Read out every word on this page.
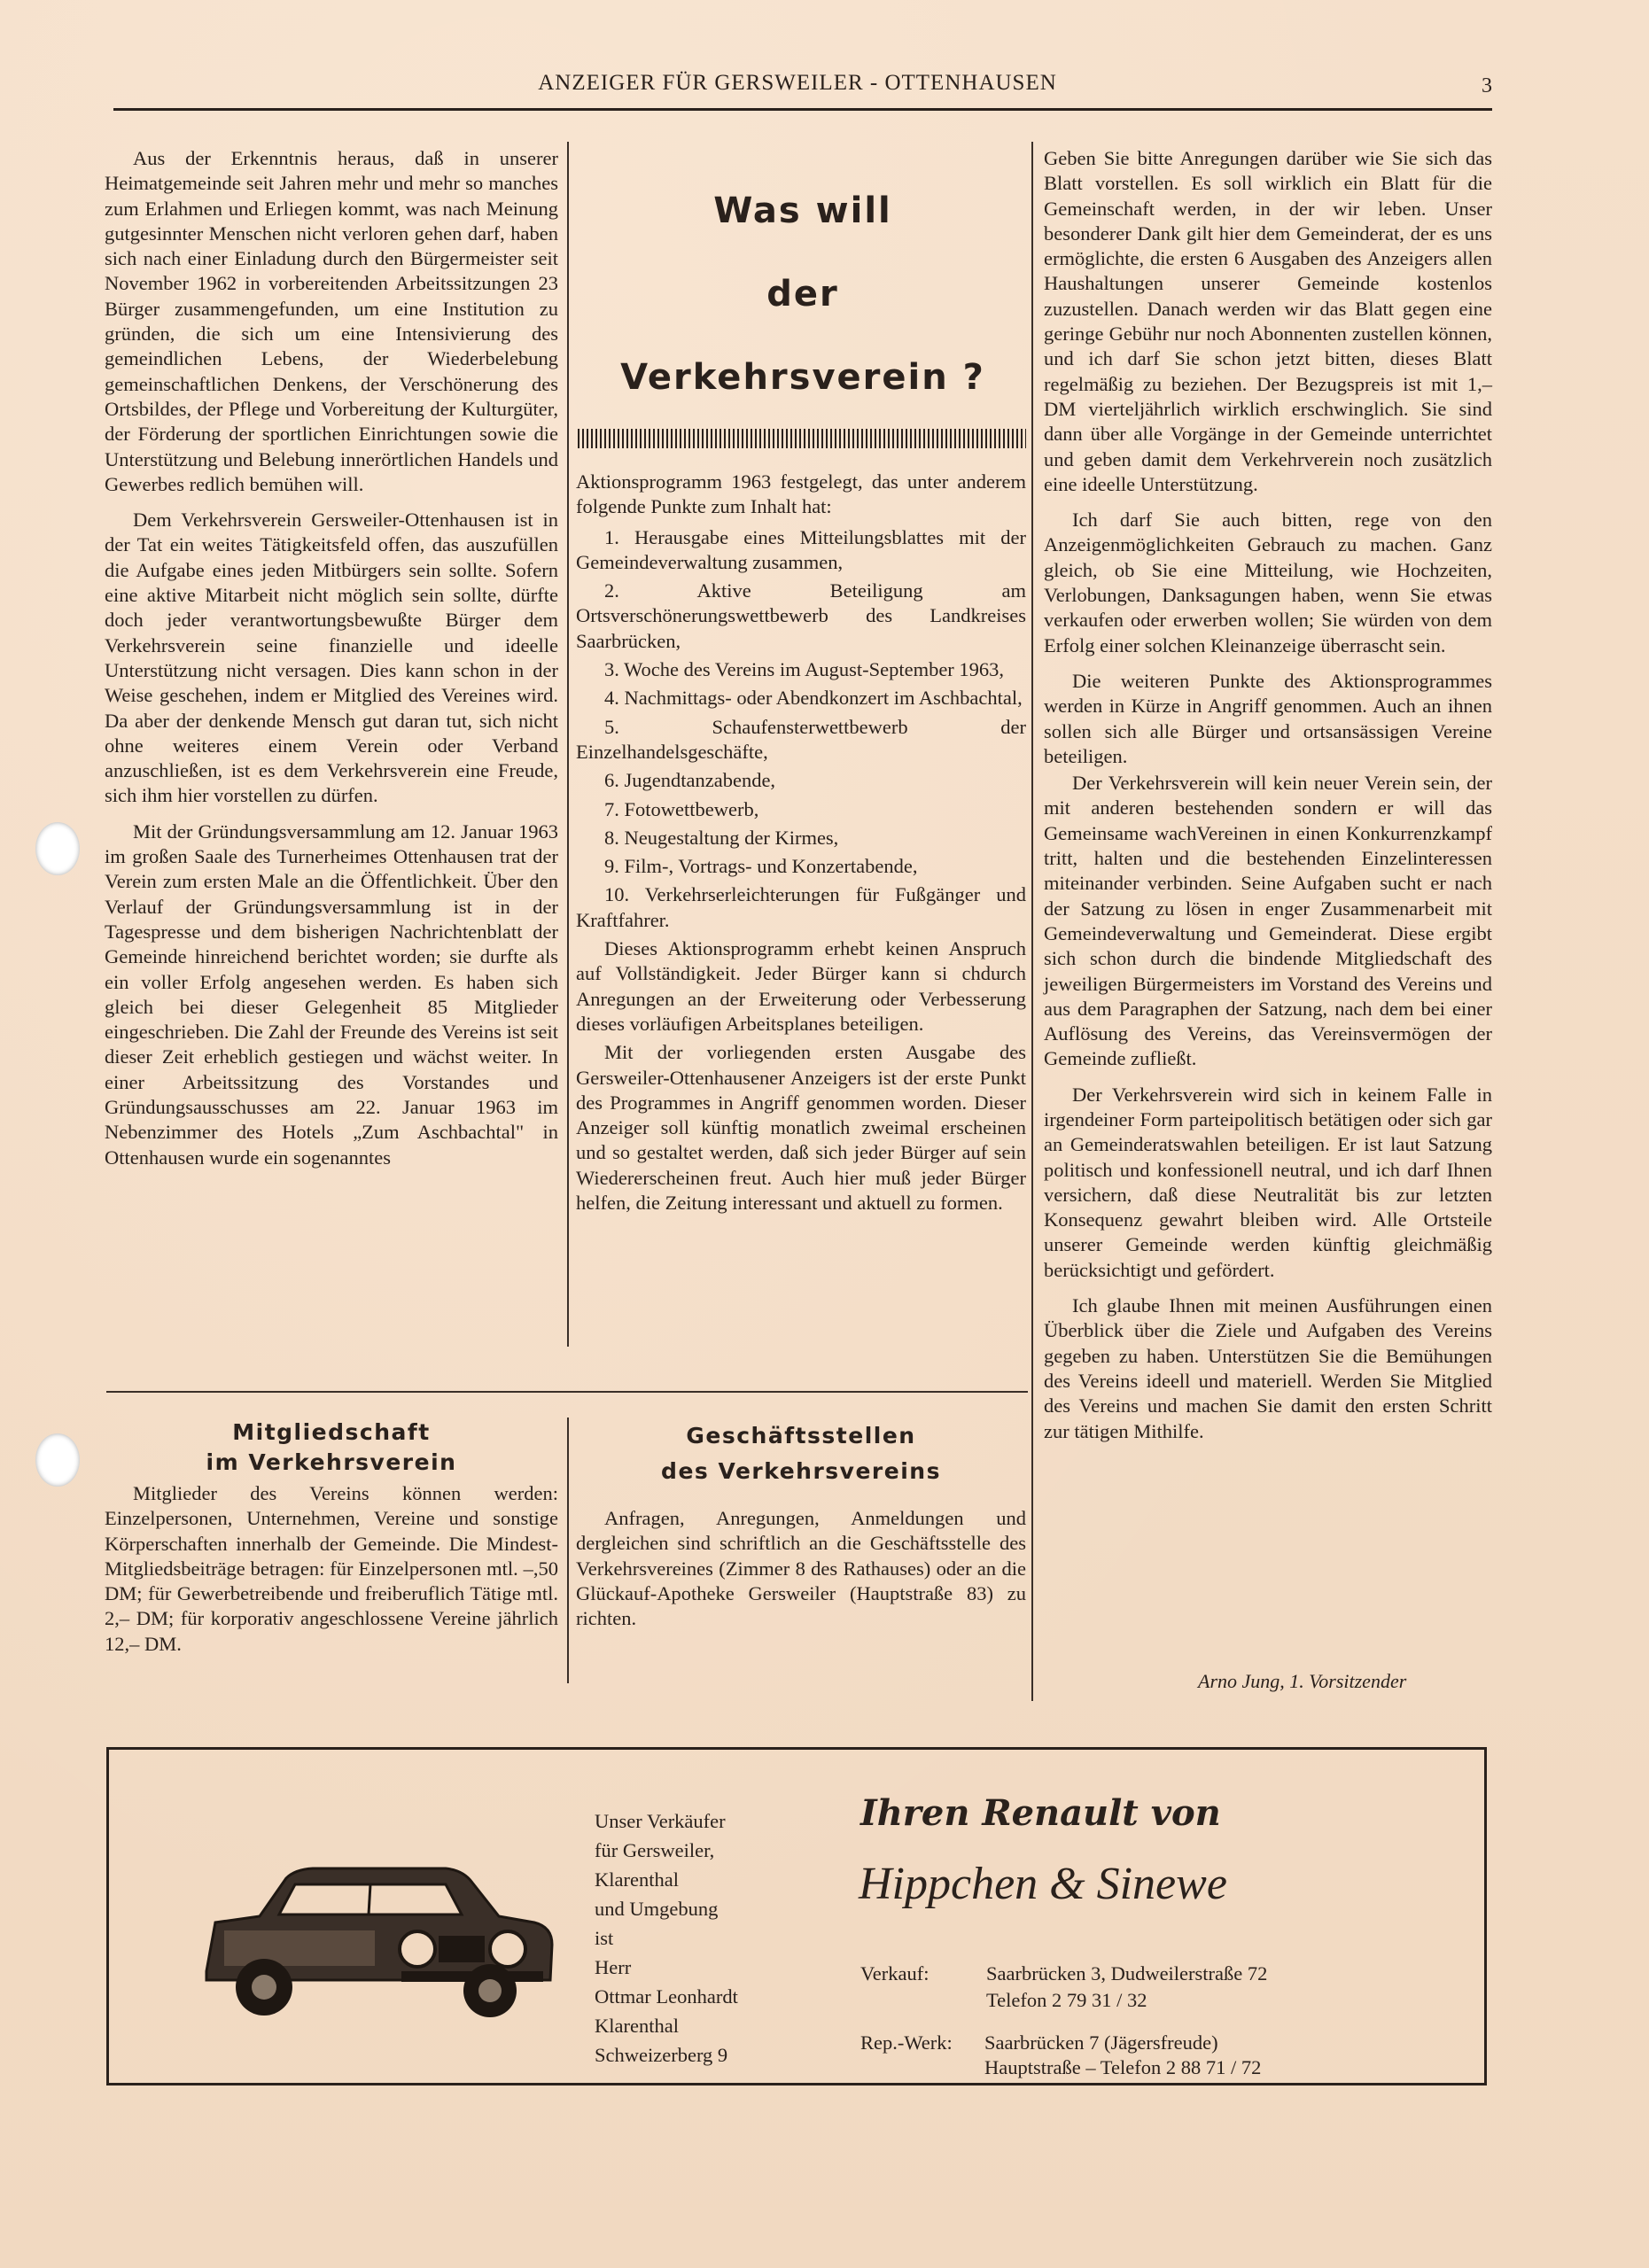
ANZEIGER FÜR GERSWEILER - OTTENHAUSEN	3

Aus der Erkenntnis heraus, daß in unserer Heimatgemeinde seit Jahren mehr und mehr so manches zum Erlahmen und Erliegen kommt, was nach Meinung gutgesinnter Menschen nicht verloren gehen darf, haben sich nach einer Einladung durch den Bürgermeister seit November 1962 in vorbereitenden Arbeitssitzungen 23 Bürger zusammengefunden, um eine Institution zu gründen, die sich um eine Intensivierung des gemeindlichen Lebens, der Wiederbelebung gemeinschaftlichen Denkens, der Verschönerung des Ortsbildes, der Pflege und Vorbereitung der Kulturgüter, der Förderung der sportlichen Einrichtungen sowie die Unterstützung und Belebung innerörtlichen Handels und Gewerbes redlich bemühen will.

Dem Verkehrsverein Gersweiler-Ottenhausen ist in der Tat ein weites Tätigkeitsfeld offen, das auszufüllen die Aufgabe eines jeden Mitbürgers sein sollte. Sofern eine aktive Mitarbeit nicht möglich sein sollte, dürfte doch jeder verantwortungsbewußte Bürger dem Verkehrsverein seine finanzielle und ideelle Unterstützung nicht versagen. Dies kann schon in der Weise geschehen, indem er Mitglied des Vereines wird. Da aber der denkende Mensch gut daran tut, sich nicht ohne weiteres einem Verein oder Verband anzuschließen, ist es dem Verkehrsverein eine Freude, sich ihm hier vorstellen zu dürfen.

Mit der Gründungsversammlung am 12. Januar 1963 im großen Saale des Turnerheimes Ottenhausen trat der Verein zum ersten Male an die Öffentlichkeit. Über den Verlauf der Gründungsversammlung ist in der Tagespresse und dem bisherigen Nachrichtenblatt der Gemeinde hinreichend berichtet worden; sie durfte als ein voller Erfolg angesehen werden. Es haben sich gleich bei dieser Gelegenheit 85 Mitglieder eingeschrieben. Die Zahl der Freunde des Vereins ist seit dieser Zeit erheblich gestiegen und wächst weiter. In einer Arbeitssitzung des Vorstandes und Gründungsausschusses am 22. Januar 1963 im Nebenzimmer des Hotels „Zum Aschbachtal" in Ottenhausen wurde ein sogenanntes

Was will
der
Verkehrsverein ?

Aktionsprogramm 1963 festgelegt, das unter anderem folgende Punkte zum Inhalt hat:

1. Herausgabe eines Mitteilungsblattes mit der Gemeindeverwaltung zusammen,

2. Aktive Beteiligung am Ortsverschönerungswettbewerb des Landkreises Saarbrücken,

3. Woche des Vereins im August-September 1963,

4. Nachmittags- oder Abendkonzert im Aschbachtal,

5. Schaufensterwettbewerb der Einzelhandelsgeschäfte,

6. Jugendtanzabende,

7. Fotowettbewerb,

8. Neugestaltung der Kirmes,

9. Film-, Vortrags- und Konzertabende,

10. Verkehrserleichterungen für Fußgänger und Kraftfahrer.

Dieses Aktionsprogramm erhebt keinen Anspruch auf Vollständigkeit. Jeder Bürger kann si chdurch Anregungen an der Erweiterung oder Verbesserung dieses vorläufigen Arbeitsplanes beteiligen.

Mit der vorliegenden ersten Ausgabe des Gersweiler-Ottenhausener Anzeigers ist der erste Punkt des Programmes in Angriff genommen worden. Dieser Anzeiger soll künftig monatlich zweimal erscheinen und so gestaltet werden, daß sich jeder Bürger auf sein Wiedererscheinen freut. Auch hier muß jeder Bürger helfen, die Zeitung interessant und aktuell zu formen.

Geben Sie bitte Anregungen darüber wie Sie sich das Blatt vorstellen. Es soll wirklich ein Blatt für die Gemeinschaft werden, in der wir leben. Unser besonderer Dank gilt hier dem Gemeinderat, der es uns ermöglichte, die ersten 6 Ausgaben des Anzeigers allen Haushaltungen unserer Gemeinde kostenlos zuzustellen. Danach werden wir das Blatt gegen eine geringe Gebühr nur noch Abonnenten zustellen können, und ich darf Sie schon jetzt bitten, dieses Blatt regelmäßig zu beziehen. Der Bezugspreis ist mit 1,– DM vierteljährlich wirklich erschwinglich. Sie sind dann über alle Vorgänge in der Gemeinde unterrichtet und geben damit dem Verkehrverein noch zusätzlich eine ideelle Unterstützung.

Ich darf Sie auch bitten, rege von den Anzeigenmöglichkeiten Gebrauch zu machen. Ganz gleich, ob Sie eine Mitteilung, wie Hochzeiten, Verlobungen, Danksagungen haben, wenn Sie etwas verkaufen oder erwerben wollen; Sie würden von dem Erfolg einer solchen Kleinanzeige überrascht sein.

Die weiteren Punkte des Aktionsprogrammes werden in Kürze in Angriff genommen. Auch an ihnen sollen sich alle Bürger und ortsansässigen Vereine beteiligen.

Der Verkehrsverein will kein neuer Verein sein, der mit anderen bestehenden sondern er will das Gemeinsame wachVereinen in einen Konkurrenzkampf tritt, halten und die bestehenden Einzelinteressen miteinander verbinden. Seine Aufgaben sucht er nach der Satzung zu lösen in enger Zusammenarbeit mit Gemeindeverwaltung und Gemeinderat. Diese ergibt sich schon durch die bindende Mitgliedschaft des jeweiligen Bürgermeisters im Vorstand des Vereins und aus dem Paragraphen der Satzung, nach dem bei einer Auflösung des Vereins, das Vereinsvermögen der Gemeinde zufließt.

Der Verkehrsverein wird sich in keinem Falle in irgendeiner Form parteipolitisch betätigen oder sich gar an Gemeinderatswahlen beteiligen. Er ist laut Satzung politisch und konfessionell neutral, und ich darf Ihnen versichern, daß diese Neutralität bis zur letzten Konsequenz gewahrt bleiben wird. Alle Ortsteile unserer Gemeinde werden künftig gleichmäßig berücksichtigt und gefördert.

Ich glaube Ihnen mit meinen Ausführungen einen Überblick über die Ziele und Aufgaben des Vereins gegeben zu haben. Unterstützen Sie die Bemühungen des Vereins ideell und materiell. Werden Sie Mitglied des Vereins und machen Sie damit den ersten Schritt zur tätigen Mithilfe.

Arno Jung, 1. Vorsitzender
Mitgliedschaft
im Verkehrsverein

Mitglieder des Vereins können werden: Einzelpersonen, Unternehmen, Vereine und sonstige Körperschaften innerhalb der Gemeinde. Die Mindest-Mitgliedsbeiträge betragen: für Einzelpersonen mtl. –,50 DM; für Gewerbetreibende und freiberuflich Tätige mtl. 2,– DM; für korporativ angeschlossene Vereine jährlich 12,– DM.

Geschäftsstellen
des Verkehrsvereins

Anfragen, Anregungen, Anmeldungen und dergleichen sind schriftlich an die Geschäftsstelle des Verkehrsvereines (Zimmer 8 des Rathauses) oder an die Glückauf-Apotheke Gersweiler (Hauptstraße 83) zu richten.

Unser Verkäufer
für Gersweiler,
Klarenthal
und Umgebung
ist
Herr
Ottmar Leonhardt
Klarenthal
Schweizerberg 9
Ihren Renault von
Hippchen & Sinewe
Verkauf:	Saarbrücken 3, Dudweilerstraße 72
Telefon 2 79 31 / 32
Rep.-Werk: Saarbrücken 7 (Jägersfreude)
Hauptstraße – Telefon 2 88 71 / 72
